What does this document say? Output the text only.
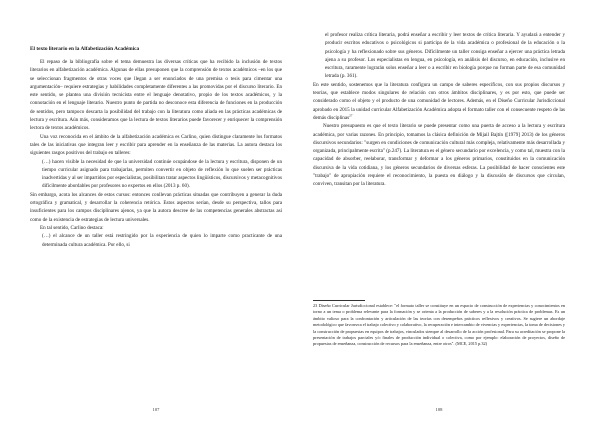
El texto literario en la Alfabetización Académica

El repaso de la bibliografía sobre el tema demuestra las diversas críticas que ha recibido la inclusión de textos literarios en alfabetización académica. Algunas de ellas presuponen que la comprensión de textos académicos –en los que se seleccionan fragmentos de otras voces que llegan a ser enunciados de una premisa o tesis para cimentar una argumentación– requiere estrategias y habilidades completamente diferentes a las promovidas por el discurso literario. En este sentido, se plantea una división tecnicista entre el lenguaje denotativo, propio de los textos académicos, y la connotación en el lenguaje literario. Nuestro punto de partida no desconoce esta diferencia de funciones en la producción de sentidos, pero tampoco descarta la posibilidad del trabajo con la literatura como aliada en las prácticas académicas de lectura y escritura. Aún más, consideramos que la lectura de textos literarios puede favorecer y enriquecer la comprensión lectora de textos académicos.

Una voz reconocida en el ámbito de la alfabetización académica es Carlino, quien distingue claramente los formatos tales de las iniciativas que integran leer y escribir para aprender en la enseñanza de las materias. La autora destaca los siguientes rasgos positivos del trabajo en talleres:

(…) hacen visible la necesidad de que la universidad continúe ocupándose de la lectura y escritura, disponen de un tiempo curricular asignado para trabajarlas, permiten convertir en objeto de reflexión lo que suelen ser prácticas inadvertidas y al ser impartidos por especialistas, posibilitan tratar aspectos lingüísticos, discursivos y metacognitivos difícilmente abordables por profesores no expertos en ellos (2013 p. 60).

Sin embargo, acota los alcances de estos cursos: entonces conllevan prácticas situadas que contribuyen a generar la duda ortográfica y gramatical, y desarrollar la coherencia retórica. Estos aspectos serían, desde su perspectiva, tallos para insuficientes para los campos disciplinares ajenos, ya que la autora descree de las competencias generales abstractas así como de la existencia de estrategias de lectura universales.

En tal sentido, Carlino destaca:

(…) el alcance de un taller está restringido por la experiencia de quien lo imparte como practicante de una determinada cultura académica. Por ello, si

107

el profesor realiza crítica literaria, podrá enseñar a escribir y leer textos de crítica literaria. Y ayudará a entender y producir escritos educativos o psicológicos si participa de la vida académica o profesional de la educación o la psicología y ha reflexionado sobre sus géneros. Difícilmente un taller consiga enseñar a ejercer una práctica letrada ajena a su profesor. Los especialistas en lengua, en psicología, en análisis del discurso, en educación, inclusive en escritura, raramente lograrán solos enseñar a leer o a escribir en biología porque no forman parte de esa comunidad letrada (p. 361).

En este sentido, sostenemos que la literatura configura un campo de saberes específicos, con sus propios discursos y teorías, que establece modos singulares de relación con otros ámbitos disciplinares, y es por esto, que puede ser considerado como el objeto y el producto de una comunidad de lectores. Además, en el Diseño Curricular Jurisdiccional aprobado en 2015 la unidad curricular Alfabetización Académica adopta el formato taller con el consecuente respeto de las demás disciplinas$^{27}$

Nuestro presupuesto es que el texto literario se puede presentar como una puerta de acceso a la lectura y escritura académica, por varias razones. En principio, tomamos la clásica definición de Mijail Bajtín ([1979] 2013) de los géneros discursivos secundarios: "surgen en condiciones de comunicación cultural más compleja, relativamente más desarrollada y organizada, principalmente escrita" (p.247). La literatura es el género secundario por excelencia, y como tal, muestra con la capacidad de absorber, reelaborar, transformar y deformar a los géneros primarios, constituidos en la comunicación discursiva de la vida cotidiana, y los géneros secundarios de diversas esferas. La posibilidad de hacer conscientes este "trabajo" de apropiación requiere el reconocimiento, la puesta en diálogo y la discusión de discursos que circulan, conviven, transitan por la literatura.

23 Diseño Curricular Jurisdiccional establece: "el formato taller se constituye en un espacio de construcción de experiencias y conocimientos en torno a un tema o problema relevante para la formación y se orienta a la producción de saberes y a la resolución práctica de problemas. Es un ámbito valioso para la confrontación y articulación de las teorías con desempeños prácticos reflexivos y creativos. Se sugiere un abordaje metodológico que favorezca el trabajo colectivo y colaborativo, la recuperación e intercambio de vivencias y experiencias, la toma de decisiones y la construcción de propuestas en equipos de trabajos, vinculados siempre al desarrollo de la acción profesional. Para su acreditación se propone la presentación de trabajos parciales y/o finales de producción individual o colectiva, como por ejemplo: elaboración de proyectos, diseño de propuestas de enseñanza, construcción de recursos para la enseñanza, entre otros". (MCE, 2015 p.32)
108
